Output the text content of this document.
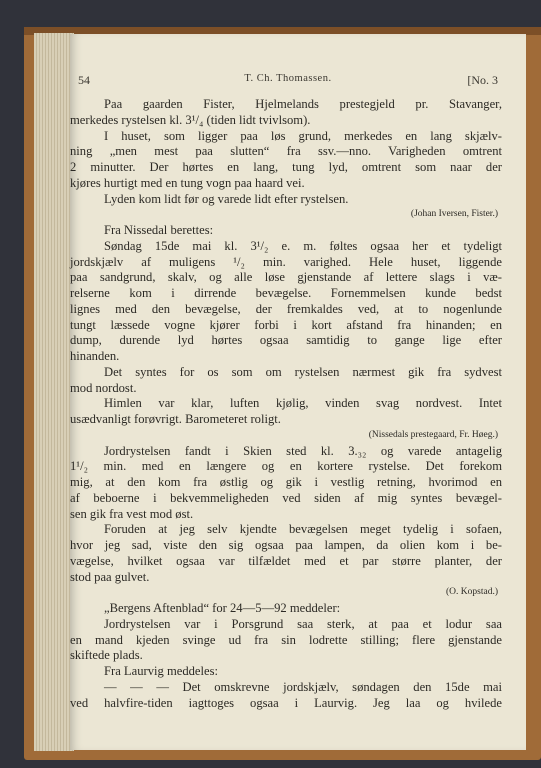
54	T. Ch. Thomassen.	[No. 3
Paa gaarden Fister, Hjelmelands prestegjeld pr. Stavanger,
merkedes rystelsen kl. 3¹/₄ (tiden lidt tvivlsom).
I huset, som ligger paa løs grund, merkedes en lang skjælv-
ning „men mest paa slutten“ fra ssv.—nno. Varigheden omtrent
2 minutter. Der hørtes en lang, tung lyd, omtrent som naar der
kjøres hurtigt med en tung vogn paa haard vei.
Lyden kom lidt før og varede lidt efter rystelsen.
(Johan Iversen, Fister.)
Fra Nissedal berettes:
Søndag 15de mai kl. 3¹/₂ e. m. føltes ogsaa her et tydeligt
jordskjælv af muligens ¹/₂ min. varighed. Hele huset, liggende
paa sandgrund, skalv, og alle løse gjenstande af lettere slags i væ-
relserne kom i dirrende bevægelse. Fornemmelsen kunde bedst
lignes med den bevægelse, der fremkaldes ved, at to nogenlunde
tungt læssede vogne kjører forbi i kort afstand fra hinanden; en
dump, durende lyd hørtes ogsaa samtidig to gange lige efter
hinanden.
Det syntes for os som om rystelsen nærmest gik fra sydvest
mod nordost.
Himlen var klar, luften kjølig, vinden svag nordvest. Intet
usædvanligt forøvrigt. Barometeret roligt.
(Nissedals prestegaard, Fr. Høeg.)
Jordrystelsen fandt i Skien sted kl. 3.₃₂ og varede antagelig
1¹/₂ min. med en længere og en kortere rystelse. Det forekom
mig, at den kom fra østlig og gik i vestlig retning, hvorimod en
af beboerne i bekvemmeligheden ved siden af mig syntes bevægel-
sen gik fra vest mod øst.
Foruden at jeg selv kjendte bevægelsen meget tydelig i sofaen,
hvor jeg sad, viste den sig ogsaa paa lampen, da olien kom i be-
vægelse, hvilket ogsaa var tilfældet med et par større planter, der
stod paa gulvet.
(O. Kopstad.)
„Bergens Aftenblad“ for 24—5—92 meddeler:
Jordrystelsen var i Porsgrund saa sterk, at paa et lodur saa
en mand kjeden svinge ud fra sin lodrette stilling; flere gjenstande
skiftede plads.
Fra Laurvig meddeles:
— — — Det omskrevne jordskjælv, søndagen den 15de mai
ved halvfire-tiden iagttoges ogsaa i Laurvig. Jeg laa og hvilede
